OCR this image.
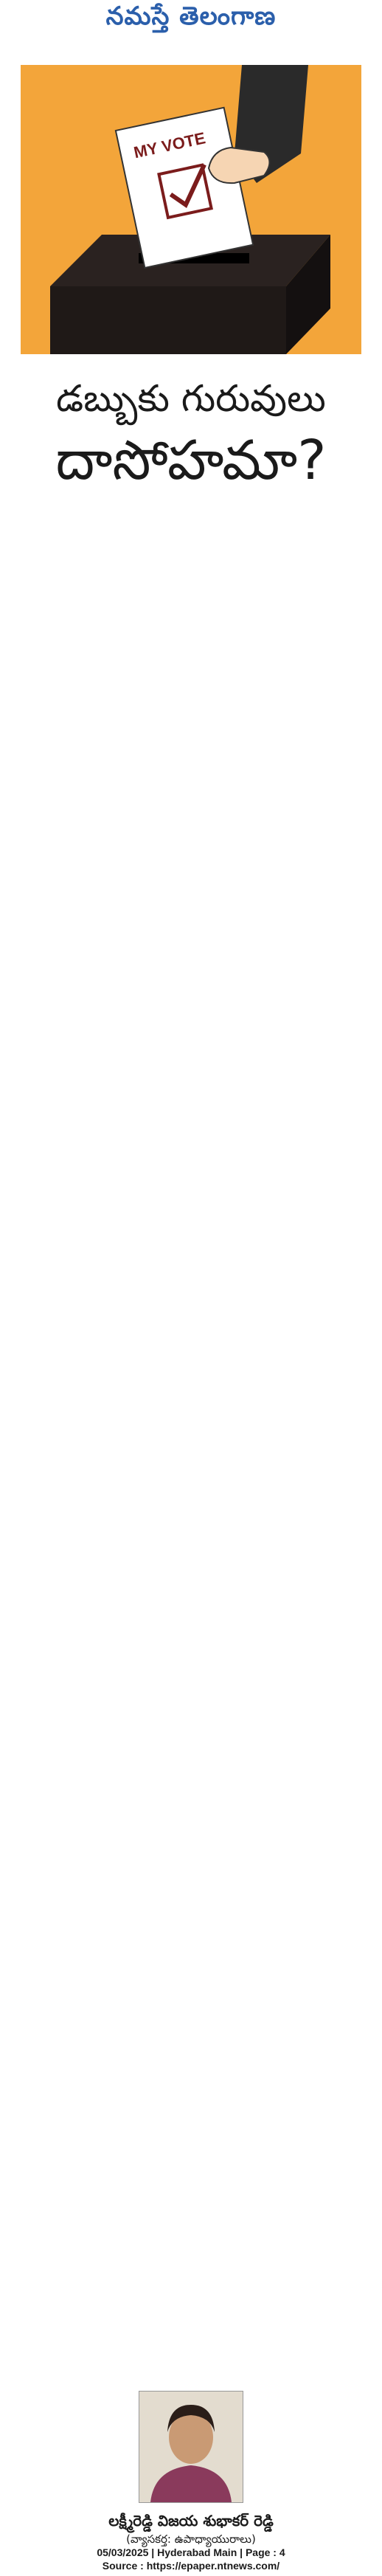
నమస్తే తెలంగాణ
MY VOTE
డబ్బుకు గురువులు
దాసోహమా?

లక్ష్మీరెడ్డి విజయ శుభాకర్ రెడ్డి
(వ్యాసకర్త: ఉపాధ్యాయురాలు)
05/03/2025 | Hyderabad Main | Page : 4
Source : https://epaper.ntnews.com/
